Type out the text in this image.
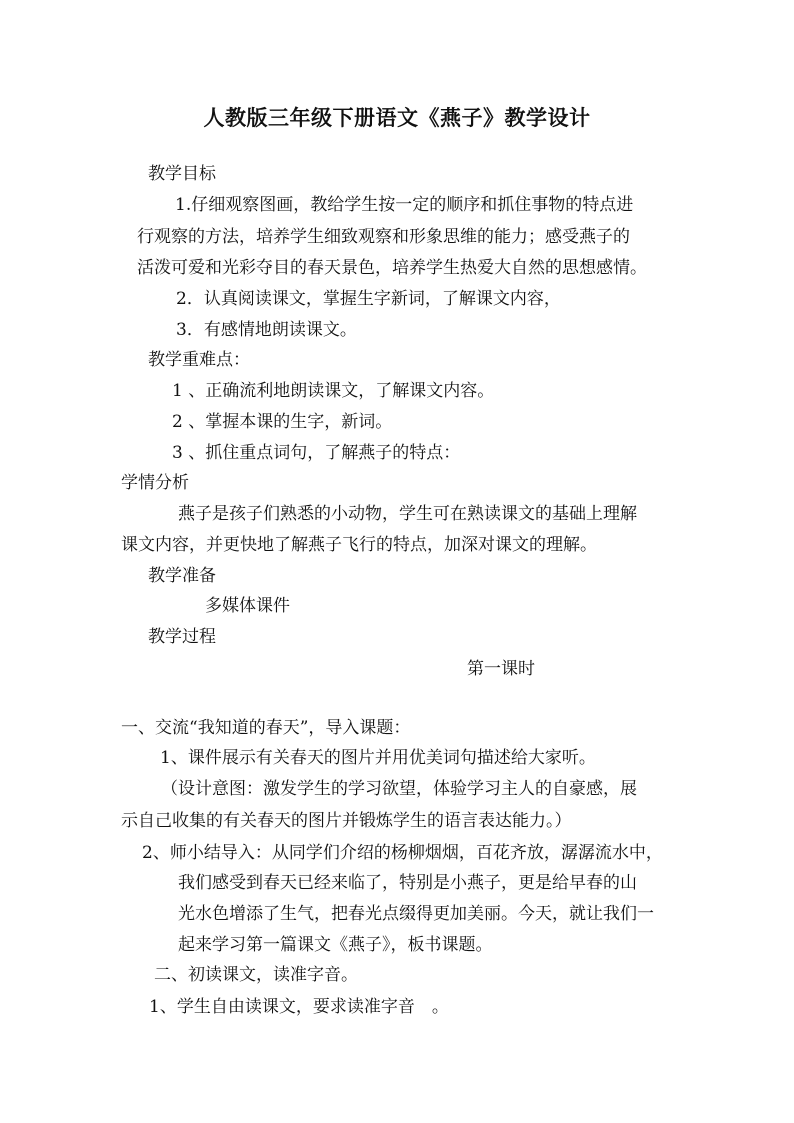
人教版三年级下册语文《燕子》教学设计
教学目标
1.仔细观察图画，教给学生按一定的顺序和抓住事物的特点进
行观察的方法，培养学生细致观察和形象思维的能力；感受燕子的
活泼可爱和光彩夺目的春天景色，培养学生热爱大自然的思想感情。
2．认真阅读课文，掌握生字新词，了解课文内容，
3．有感情地朗读课文。
教学重难点：
1 、正确流利地朗读课文，了解课文内容。
2 、掌握本课的生字，新词。
3 、抓住重点词句，了解燕子的特点：
学情分析
燕子是孩子们熟悉的小动物，学生可在熟读课文的基础上理解
课文内容，并更快地了解燕子飞行的特点，加深对课文的理解。
教学准备
多媒体课件
教学过程
第一课时
一、交流“我知道的春天”，导入课题：
1、课件展示有关春天的图片并用优美词句描述给大家听。
（设计意图：激发学生的学习欲望，体验学习主人的自豪感，展
示自己收集的有关春天的图片并锻炼学生的语言表达能力。）
2、师小结导入：从同学们介绍的杨柳烟烟，百花齐放，潺潺流水中，
我们感受到春天已经来临了，特别是小燕子，更是给早春的山
光水色增添了生气，把春光点缀得更加美丽。今天，就让我们一
起来学习第一篇课文《燕子》，板书课题。
二、初读课文，读准字音。
1、学生自由读课文，要求读准字音　。
